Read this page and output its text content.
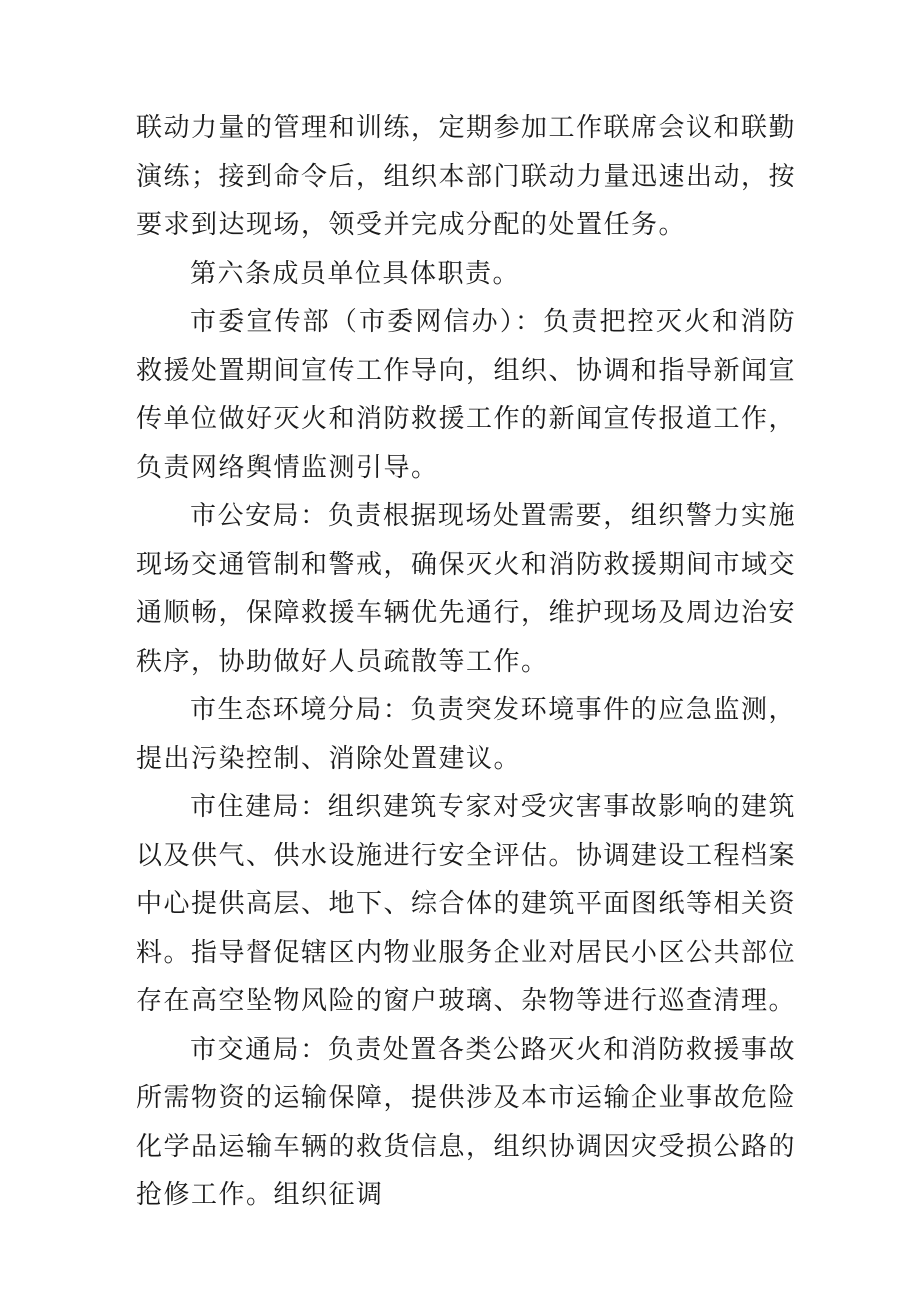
联动力量的管理和训练，定期参加工作联席会议和联勤演练；接到命令后，组织本部门联动力量迅速出动，按要求到达现场，领受并完成分配的处置任务。

第六条成员单位具体职责。

市委宣传部（市委网信办）：负责把控灭火和消防救援处置期间宣传工作导向，组织、协调和指导新闻宣传单位做好灭火和消防救援工作的新闻宣传报道工作，负责网络舆情监测引导。

市公安局：负责根据现场处置需要，组织警力实施现场交通管制和警戒，确保灭火和消防救援期间市域交通顺畅，保障救援车辆优先通行，维护现场及周边治安秩序，协助做好人员疏散等工作。

市生态环境分局：负责突发环境事件的应急监测，提出污染控制、消除处置建议。

市住建局：组织建筑专家对受灾害事故影响的建筑以及供气、供水设施进行安全评估。协调建设工程档案中心提供高层、地下、综合体的建筑平面图纸等相关资料。指导督促辖区内物业服务企业对居民小区公共部位存在高空坠物风险的窗户玻璃、杂物等进行巡查清理。

市交通局：负责处置各类公路灭火和消防救援事故所需物资的运输保障，提供涉及本市运输企业事故危险化学品运输车辆的救货信息，组织协调因灾受损公路的抢修工作。组织征调
